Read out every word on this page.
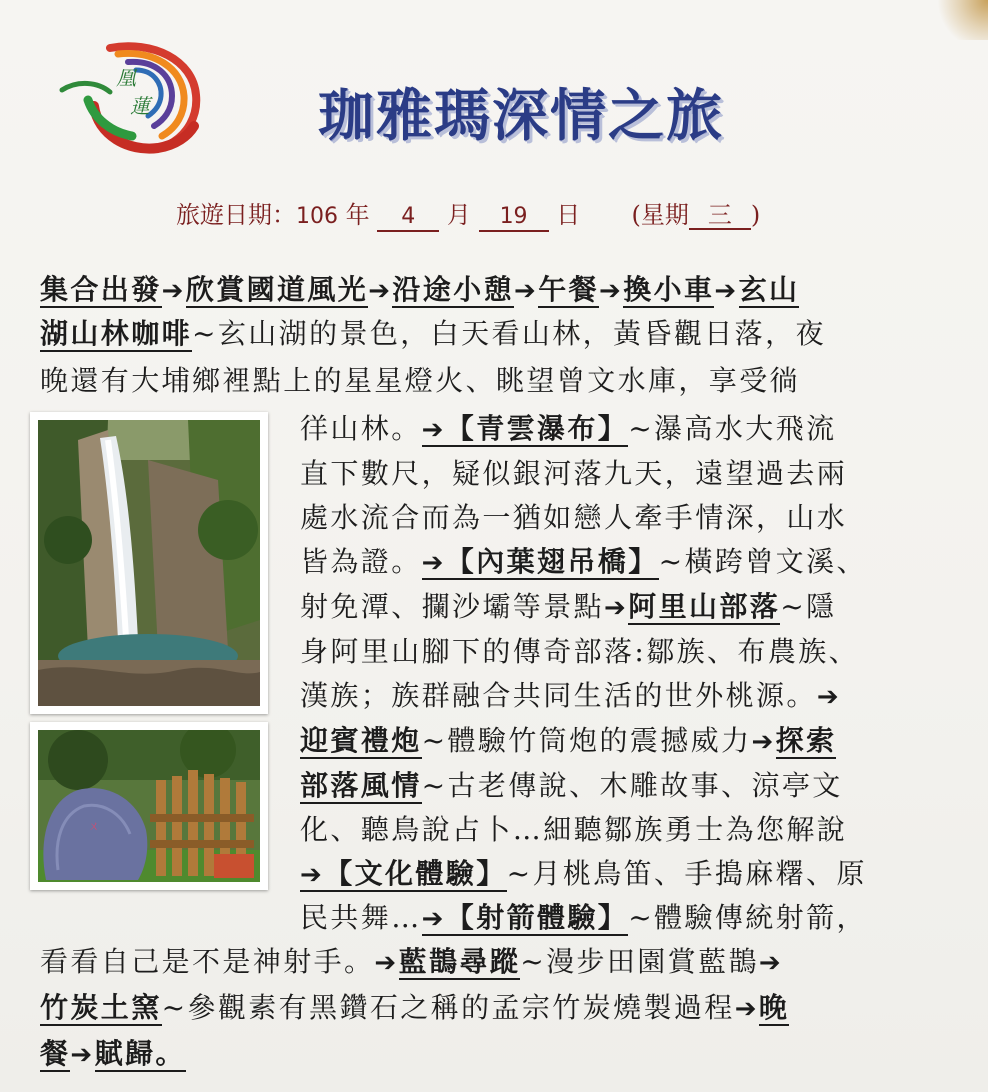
凰
蓮	珈雅瑪深情之旅
旅遊日期：106 年 4 月 19 日 (星期 三 )
ㄨ
集合出發➔欣賞國道風光➔沿途小憩➔午餐➔換小車➔玄山
湖山林咖啡~玄山湖的景色，白天看山林，黃昏觀日落，夜
晚還有大埔鄉裡點上的星星燈火、眺望曾文水庫，享受徜
徉山林。➔【青雲瀑布】~瀑高水大飛流
直下數尺，疑似銀河落九天，遠望過去兩
處水流合而為一猶如戀人牽手情深，山水
皆為證。➔【內葉翅吊橋】~橫跨曾文溪、
射免潭、攔沙壩等景點➔阿里山部落~隱
身阿里山腳下的傳奇部落:鄒族、布農族、
漢族；族群融合共同生活的世外桃源。➔
迎賓禮炮~體驗竹筒炮的震撼威力➔探索
部落風情~古老傳說、木雕故事、涼亭文
化、聽鳥說占卜…細聽鄒族勇士為您解說
➔【文化體驗】~月桃鳥笛、手搗麻糬、原
民共舞…➔【射箭體驗】~體驗傳統射箭，
看看自己是不是神射手。➔藍鵲尋蹤~漫步田園賞藍鵲➔
竹炭土窯~參觀素有黑鑽石之稱的孟宗竹炭燒製過程➔晚
餐➔賦歸。
